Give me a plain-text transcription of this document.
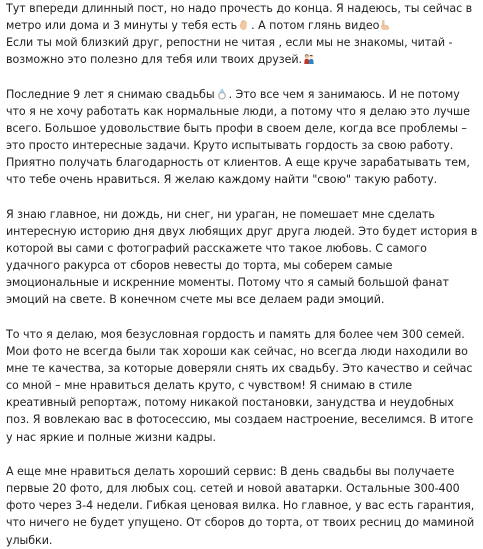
Тут впереди длинный пост, но надо прочесть до конца. Я надеюсь, ты сейчас в метро или дома и 3 минуты у тебя есть . А потом глянь видео

Если ты мой близкий друг, репостни не читая , если мы не знакомы, читай - возможно это полезно для тебя или твоих друзей.

Последние 9 лет я снимаю свадьбы . Это все чем я занимаюсь. И не потому что я не хочу работать как нормальные люди, а потому что я делаю это лучше всего. Большое удовольствие быть профи в своем деле, когда все проблемы – это просто интересные задачи. Круто испытывать гордость за свою работу. Приятно получать благодарность от клиентов. А еще круче зарабатывать тем, что тебе очень нравиться. Я желаю каждому найти "свою" такую работу.

Я знаю главное, ни дождь, ни снег, ни ураган, не помешает мне сделать интересную историю дня двух любящих друг друга людей. Это будет история в которой вы сами с фотографий расскажете что такое любовь. С самого удачного ракурса от сборов невесты до торта, мы соберем самые эмоциональные и искренние моменты. Потому что я самый большой фанат эмоций на свете. В конечном счете мы все делаем ради эмоций.

То что я делаю, моя безусловная гордость и память для более чем 300 семей. Мои фото не всегда были так хороши как сейчас, но всегда люди находили во мне те качества, за которые доверяли снять их свадьбу. Это качество и сейчас со мной – мне нравиться делать круто, с чувством! Я снимаю в стиле креативный репортаж, потому никакой постановки, занудства и неудобных поз. Я вовлекаю вас в фотосессию, мы создаем настроение, веселимся. В итоге у нас яркие и полные жизни кадры.

А еще мне нравиться делать хороший сервис: В день свадьбы вы получаете первые 20 фото, для любых соц. сетей и новой аватарки. Остальные 300-400 фото через 3-4 недели. Гибкая ценовая вилка. Но главное, у вас есть гарантия, что ничего не будет упущено. От сборов до торта, от твоих ресниц до маминой улыбки.
